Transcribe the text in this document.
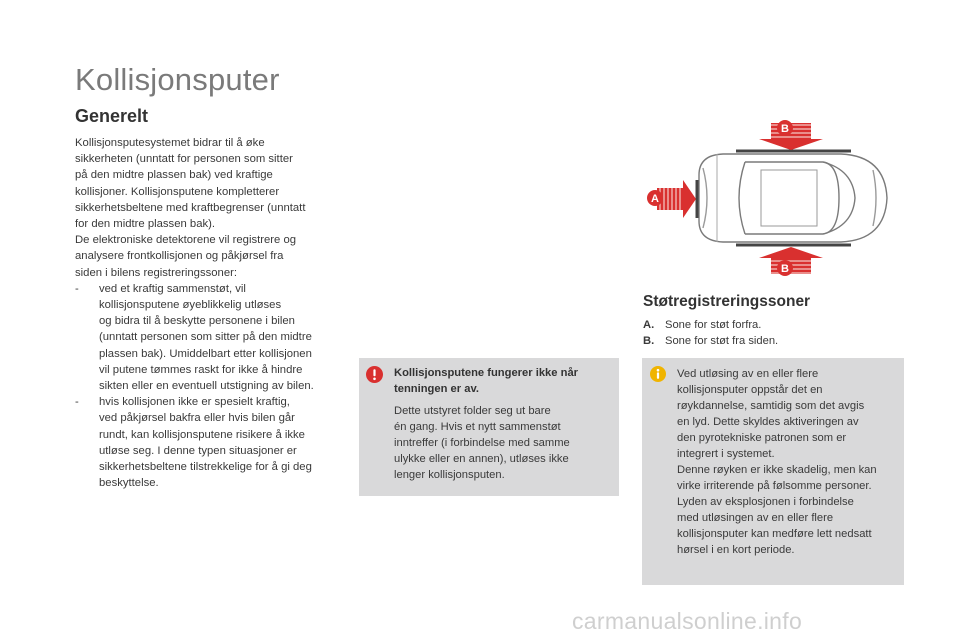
Kollisjonsputer
Generelt

Kollisjonsputesystemet bidrar til å øke

sikkerheten (unntatt for personen som sitter

på den midtre plassen bak) ved kraftige

kollisjoner. Kollisjonsputene kompletterer

sikkerhetsbeltene med kraftbegrenser (unntatt

for den midtre plassen bak).

De elektroniske detektorene vil registrere og

analysere frontkollisjonen og påkjørsel fra

siden i bilens registreringssoner:

-	ved et kraftig sammenstøt, vil

kollisjonsputene øyeblikkelig utløses

og bidra til å beskytte personene i bilen

(unntatt personen som sitter på den midtre

plassen bak). Umiddelbart etter kollisjonen

vil putene tømmes raskt for ikke å hindre

sikten eller en eventuell utstigning av bilen.

-	hvis kollisjonen ikke er spesielt kraftig,

ved påkjørsel bakfra eller hvis bilen går

rundt, kan kollisjonsputene risikere å ikke

utløse seg. I denne typen situasjoner er

sikkerhetsbeltene tilstrekkelige for å gi deg

beskyttelse.

Kollisjonsputene fungerer ikke når
tenningen er av.
Dette utstyret folder seg ut bare
én gang. Hvis et nytt sammenstøt
inntreffer (i forbindelse med samme
ulykke eller en annen), utløses ikke
lenger kollisjonsputen.
A
B
B
Støtregistreringssoner
A. Sone for støt forfra.
B. Sone for støt fra siden.
Ved utløsing av en eller flere
kollisjonsputer oppstår det en
røykdannelse, samtidig som det avgis
en lyd. Dette skyldes aktiveringen av
den pyrotekniske patronen som er
integrert i systemet.
Denne røyken er ikke skadelig, men kan
virke irriterende på følsomme personer.
Lyden av eksplosjonen i forbindelse
med utløsingen av en eller flere
kollisjonsputer kan medføre lett nedsatt
hørsel i en kort periode.
carmanualsonline.info
